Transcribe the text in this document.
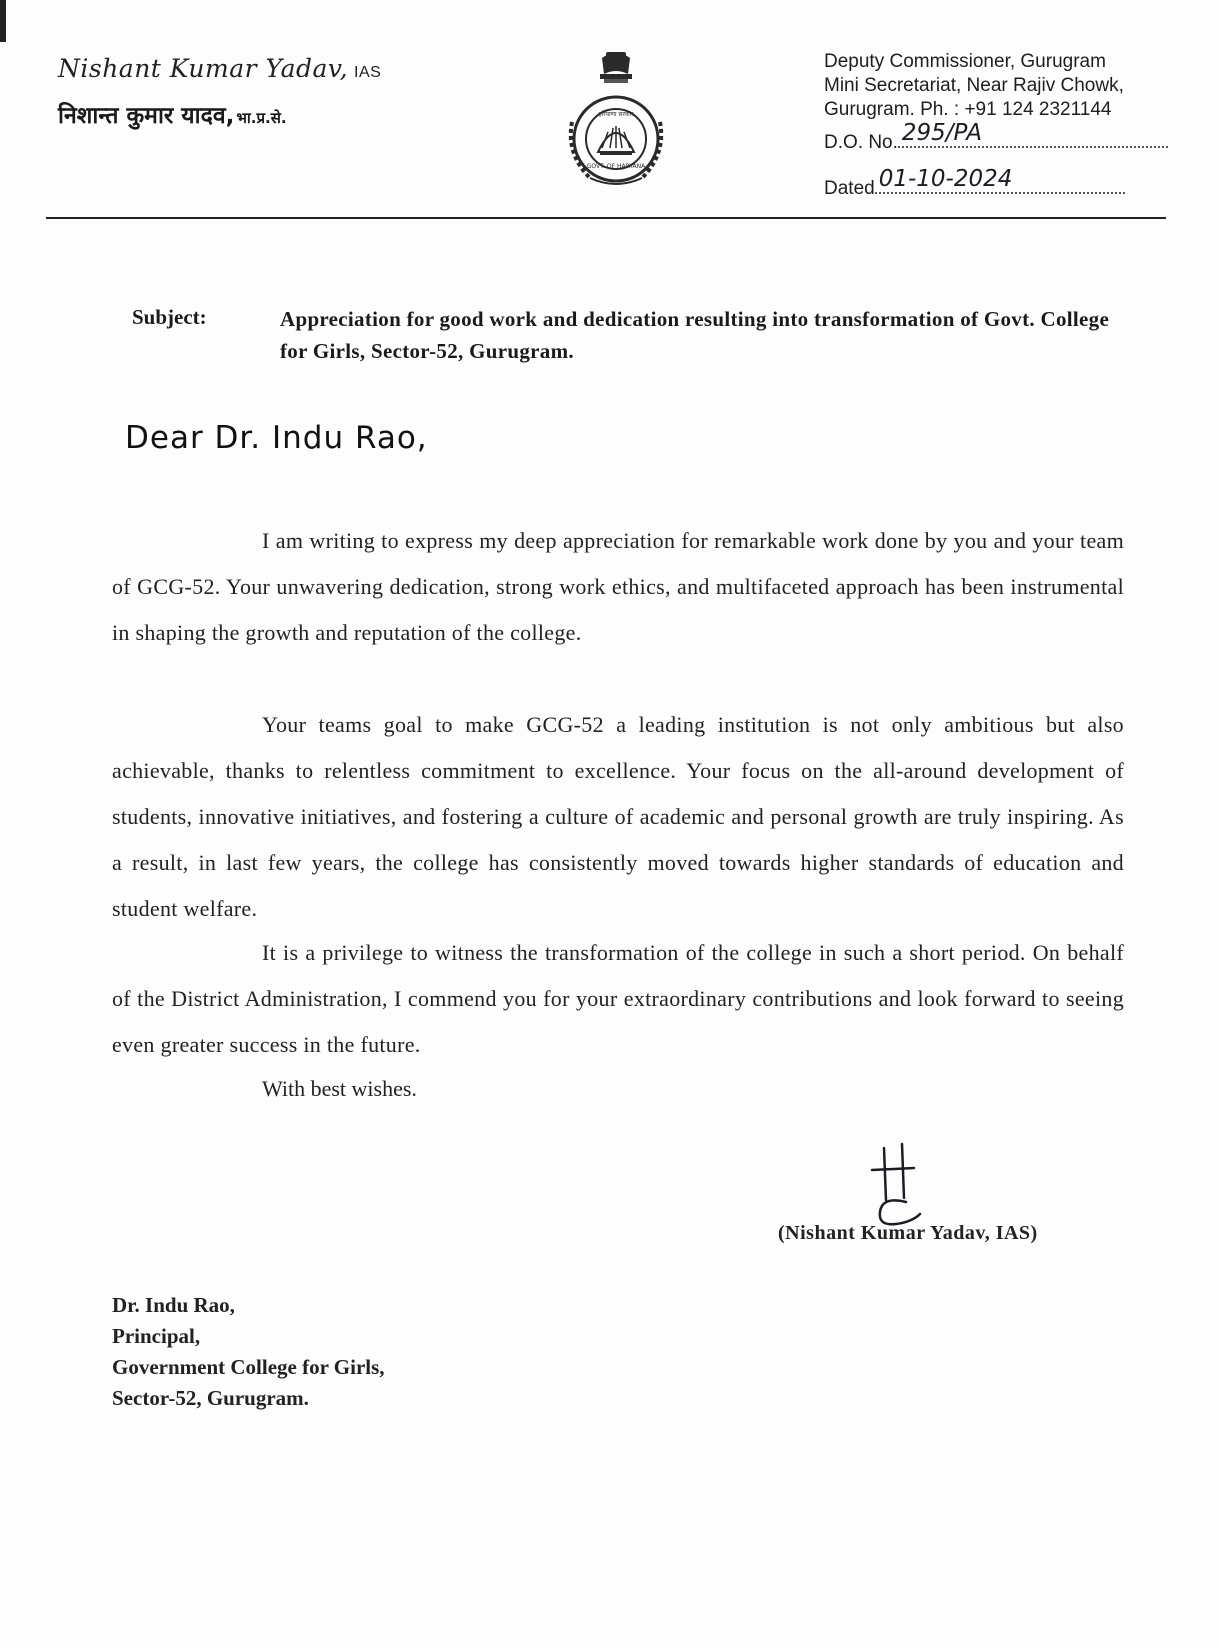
Nishant Kumar Yadav, IAS
निशान्त कुमार यादव, भा.प्र.से.	हरियाणा सरकार
GOVT. OF HARYANA
Deputy Commissioner, Gurugram
Mini Secretariat, Near Rajiv Chowk,
Gurugram. Ph. : +91 124 2321144
D.O. No. 295/PA
Dated 01-10-2024
Subject:	Appreciation for good work and dedication resulting into transformation of Govt. College for Girls, Sector-52, Gurugram.
Dear Dr. Indu Rao,

I am writing to express my deep appreciation for remarkable work done by you and your team of GCG-52. Your unwavering dedication, strong work ethics, and multifaceted approach has been instrumental in shaping the growth and reputation of the college.

Your teams goal to make GCG-52 a leading institution is not only ambitious but also achievable, thanks to relentless commitment to excellence. Your focus on the all-around development of students, innovative initiatives, and fostering a culture of academic and personal growth are truly inspiring. As a result, in last few years, the college has consistently moved towards higher standards of education and student welfare.

It is a privilege to witness the transformation of the college in such a short period. On behalf of the District Administration, I commend you for your extraordinary contributions and look forward to seeing even greater success in the future.

With best wishes.
(Nishant Kumar Yadav, IAS)
Dr. Indu Rao,
Principal,
Government College for Girls,
Sector-52, Gurugram.
